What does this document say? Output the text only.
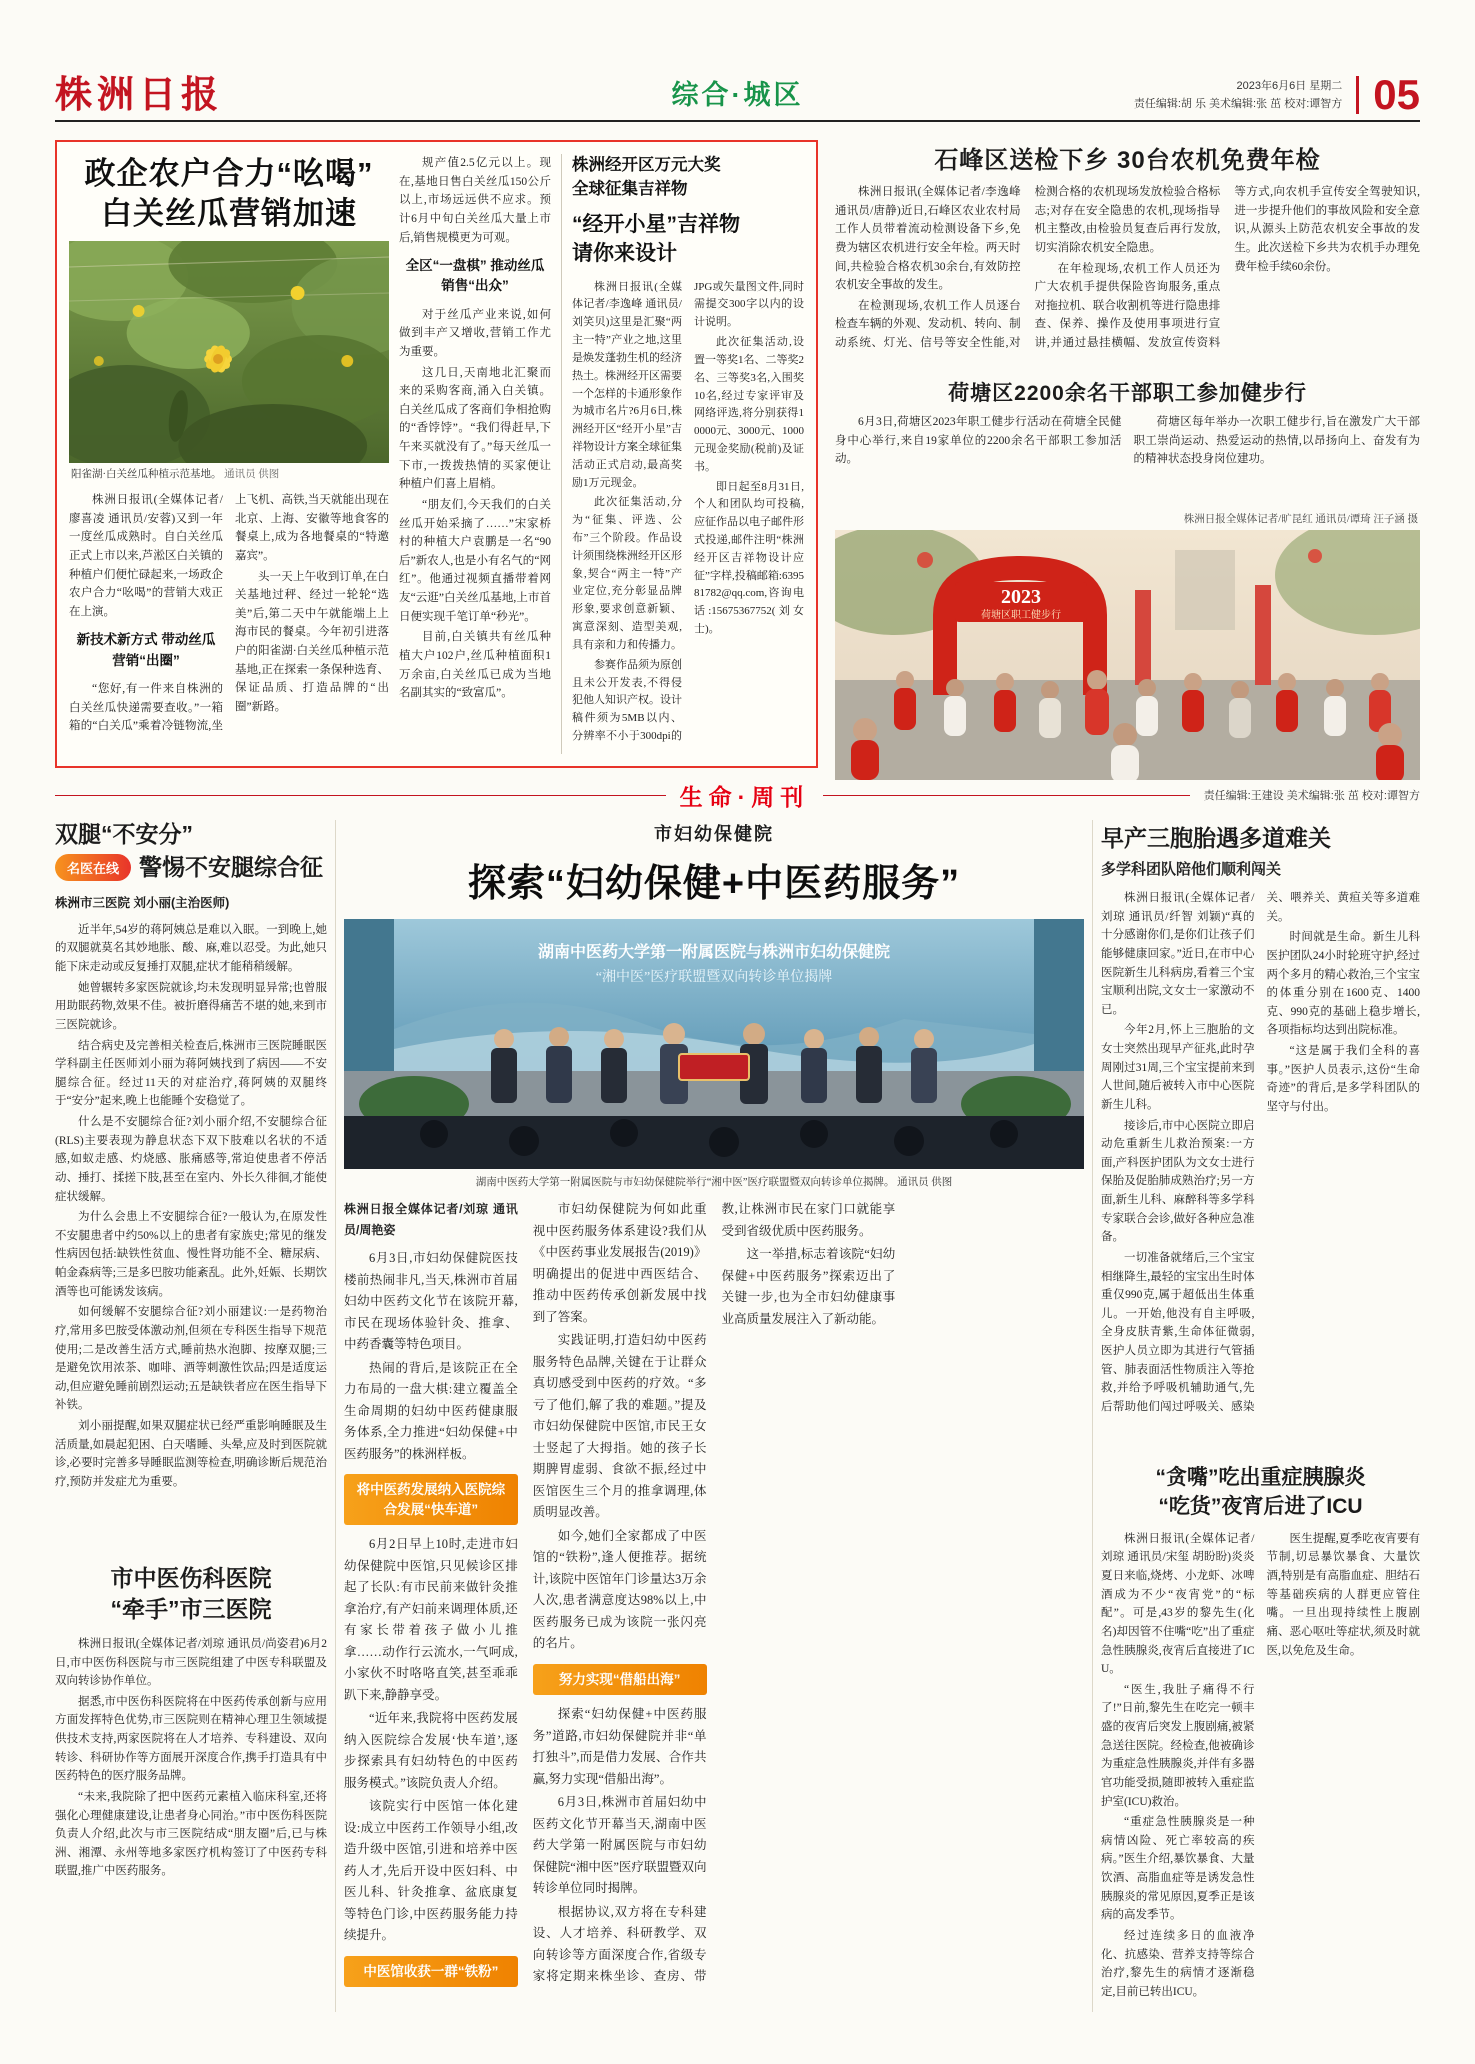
株洲日报	综合·城区	2023年6月6日 星期二
责任编辑:胡 乐 美术编辑:张 茁 校对:谭智方 05
政企农户合力“吆喝”
白关丝瓜营销加速
阳雀湖·白关丝瓜种植示范基地。 通讯员 供图

株洲日报讯(全媒体记者/廖喜凌 通讯员/安蓉)又到一年一度丝瓜成熟时。自白关丝瓜正式上市以来,芦淞区白关镇的种植户们便忙碌起来,一场政企农户合力“吆喝”的营销大戏正在上演。

新技术新方式 带动丝瓜营销“出圈”

“您好,有一件来自株洲的白关丝瓜快递需要查收。”一箱箱的“白关瓜”乘着冷链物流,坐上飞机、高铁,当天就能出现在北京、上海、安徽等地食客的餐桌上,成为各地餐桌的“特邀嘉宾”。

头一天上午收到订单,在白关基地过秤、经过一轮轮“选美”后,第二天中午就能端上上海市民的餐桌。今年初引进落户的阳雀湖·白关丝瓜种植示范基地,正在探索一条保种选育、保证品质、打造品牌的“出圈”新路。

规产值2.5亿元以上。现在,基地日售白关丝瓜150公斤以上,市场远远供不应求。预计6月中旬白关丝瓜大量上市后,销售规模更为可观。

全区“一盘棋” 推动丝瓜销售“出众”

对于丝瓜产业来说,如何做到丰产又增收,营销工作尤为重要。

这几日,天南地北汇聚而来的采购客商,涌入白关镇。白关丝瓜成了客商们争相抢购的“香饽饽”。“我们得赶早,下午来买就没有了。”每天丝瓜一下市,一拨拨热情的买家便让种植户们喜上眉梢。

“朋友们,今天我们的白关丝瓜开始采摘了……”宋家桥村的种植大户袁鹏是一名“90后”新农人,也是小有名气的“网红”。他通过视频直播带着网友“云逛”白关丝瓜基地,上市首日便实现千笔订单“秒光”。

目前,白关镇共有丝瓜种植大户102户,丝瓜种植面积1万余亩,白关丝瓜已成为当地名副其实的“致富瓜”。

株洲经开区万元大奖
全球征集吉祥物
“经开小星”吉祥物
请你来设计

株洲日报讯(全媒体记者/李逸峰 通讯员/刘笑贝)这里是汇聚“两主一特”产业之地,这里是焕发蓬勃生机的经济热土。株洲经开区需要一个怎样的卡通形象作为城市名片?6月6日,株洲经开区“经开小星”吉祥物设计方案全球征集活动正式启动,最高奖励1万元现金。

此次征集活动,分为“征集、评选、公布”三个阶段。作品设计须围绕株洲经开区形象,契合“两主一特”产业定位,充分彰显品牌形象,要求创意新颖、寓意深刻、造型美观,具有亲和力和传播力。

参赛作品须为原创且未公开发表,不得侵犯他人知识产权。设计稿件须为5MB以内、分辨率不小于300dpi的JPG或矢量图文件,同时需提交300字以内的设计说明。

此次征集活动,设置一等奖1名、二等奖2名、三等奖3名,入围奖10名,经过专家评审及网络评选,将分别获得10000元、3000元、1000元现金奖励(税前)及证书。

即日起至8月31日,个人和团队均可投稿,应征作品以电子邮件形式投递,邮件注明“株洲经开区吉祥物设计应征”字样,投稿邮箱:639581782@qq.com,咨询电话:15675367752(刘女士)。

石峰区送检下乡 30台农机免费年检

株洲日报讯(全媒体记者/李逸峰 通讯员/唐静)近日,石峰区农业农村局工作人员带着流动检测设备下乡,免费为辖区农机进行安全年检。两天时间,共检验合格农机30余台,有效防控农机安全事故的发生。

在检测现场,农机工作人员逐台检查车辆的外观、发动机、转向、制动系统、灯光、信号等安全性能,对检测合格的农机现场发放检验合格标志;对存在安全隐患的农机,现场指导机主整改,由检验员复查后再行发放,切实消除农机安全隐患。

在年检现场,农机工作人员还为广大农机手提供保险咨询服务,重点对拖拉机、联合收割机等进行隐患排查、保养、操作及使用事项进行宣讲,并通过悬挂横幅、发放宣传资料等方式,向农机手宣传安全驾驶知识,进一步提升他们的事故风险和安全意识,从源头上防范农机安全事故的发生。此次送检下乡共为农机手办理免费年检手续60余份。

荷塘区2200余名干部职工参加健步行

6月3日,荷塘区2023年职工健步行活动在荷塘全民健身中心举行,来自19家单位的2200余名干部职工参加活动。

荷塘区每年举办一次职工健步行,旨在激发广大干部职工崇尚运动、热爱运动的热情,以昂扬向上、奋发有为的精神状态投身岗位建功。

株洲日报全媒体记者/旷昆红 通讯员/谭琦 汪子涵 摄
2023
荷塘区职工健步行
生命·周刊	责任编辑:王建设 美术编辑:张 茁 校对:谭智方
双腿“不安分”
名医在线 警惕不安腿综合征
株洲市三医院 刘小丽(主治医师)

近半年,54岁的蒋阿姨总是难以入眠。一到晚上,她的双腿就莫名其妙地胀、酸、麻,难以忍受。为此,她只能下床走动或反复捶打双腿,症状才能稍稍缓解。

她曾辗转多家医院就诊,均未发现明显异常;也曾服用助眠药物,效果不佳。被折磨得痛苦不堪的她,来到市三医院就诊。

结合病史及完善相关检查后,株洲市三医院睡眠医学科副主任医师刘小丽为蒋阿姨找到了病因——不安腿综合征。经过11天的对症治疗,蒋阿姨的双腿终于“安分”起来,晚上也能睡个安稳觉了。

什么是不安腿综合征?刘小丽介绍,不安腿综合征(RLS)主要表现为静息状态下双下肢难以名状的不适感,如蚁走感、灼烧感、胀痛感等,常迫使患者不停活动、捶打、揉搓下肢,甚至在室内、外长久徘徊,才能使症状缓解。

为什么会患上不安腿综合征?一般认为,在原发性不安腿患者中约50%以上的患者有家族史;常见的继发性病因包括:缺铁性贫血、慢性肾功能不全、糖尿病、帕金森病等;三是多巴胺功能紊乱。此外,妊娠、长期饮酒等也可能诱发该病。

如何缓解不安腿综合征?刘小丽建议:一是药物治疗,常用多巴胺受体激动剂,但须在专科医生指导下规范使用;二是改善生活方式,睡前热水泡脚、按摩双腿;三是避免饮用浓茶、咖啡、酒等刺激性饮品;四是适度运动,但应避免睡前剧烈运动;五是缺铁者应在医生指导下补铁。

刘小丽提醒,如果双腿症状已经严重影响睡眠及生活质量,如晨起犯困、白天嗜睡、头晕,应及时到医院就诊,必要时完善多导睡眠监测等检查,明确诊断后规范治疗,预防并发症尤为重要。

市中医伤科医院
“牵手”市三医院

株洲日报讯(全媒体记者/刘琼 通讯员/尚姿君)6月2日,市中医伤科医院与市三医院组建了中医专科联盟及双向转诊协作单位。

据悉,市中医伤科医院将在中医药传承创新与应用方面发挥特色优势,市三医院则在精神心理卫生领域提供技术支持,两家医院将在人才培养、专科建设、双向转诊、科研协作等方面展开深度合作,携手打造具有中医药特色的医疗服务品牌。

“未来,我院除了把中医药元素植入临床科室,还将强化心理健康建设,让患者身心同治。”市中医伤科医院负责人介绍,此次与市三医院结成“朋友圈”后,已与株洲、湘潭、永州等地多家医疗机构签订了中医药专科联盟,推广中医药服务。

市妇幼保健院
探索“妇幼保健+中医药服务”
湖南中医药大学第一附属医院与株洲市妇幼保健院
“湘中医”医疗联盟暨双向转诊单位揭牌
湖南中医药大学第一附属医院与市妇幼保健院举行“湘中医”医疗联盟暨双向转诊单位揭牌。 通讯员 供图
株洲日报全媒体记者/刘琼 通讯员/周艳姿

6月3日,市妇幼保健院医技楼前热闹非凡,当天,株洲市首届妇幼中医药文化节在该院开幕,市民在现场体验针灸、推拿、中药香囊等特色项目。

热闹的背后,是该院正在全力布局的一盘大棋:建立覆盖全生命周期的妇幼中医药健康服务体系,全力推进“妇幼保健+中医药服务”的株洲样板。

将中医药发展纳入医院综合发展“快车道”

6月2日早上10时,走进市妇幼保健院中医馆,只见候诊区排起了长队:有市民前来做针灸推拿治疗,有产妇前来调理体质,还有家长带着孩子做小儿推拿……动作行云流水,一气呵成,小家伙不时咯咯直笑,甚至乖乖趴下来,静静享受。

“近年来,我院将中医药发展纳入医院综合发展‘快车道’,逐步探索具有妇幼特色的中医药服务模式。”该院负责人介绍。

该院实行中医馆一体化建设:成立中医药工作领导小组,改造升级中医馆,引进和培养中医药人才,先后开设中医妇科、中医儿科、针灸推拿、盆底康复等特色门诊,中医药服务能力持续提升。

中医馆收获一群“铁粉”

市妇幼保健院为何如此重视中医药服务体系建设?我们从《中医药事业发展报告(2019)》明确提出的促进中西医结合、推动中医药传承创新发展中找到了答案。

实践证明,打造妇幼中医药服务特色品牌,关键在于让群众真切感受到中医药的疗效。“多亏了他们,解了我的难题。”提及市妇幼保健院中医馆,市民王女士竖起了大拇指。她的孩子长期脾胃虚弱、食欲不振,经过中医馆医生三个月的推拿调理,体质明显改善。

如今,她们全家都成了中医馆的“铁粉”,逢人便推荐。据统计,该院中医馆年门诊量达3万余人次,患者满意度达98%以上,中医药服务已成为该院一张闪亮的名片。

努力实现“借船出海”

探索“妇幼保健+中医药服务”道路,市妇幼保健院并非“单打独斗”,而是借力发展、合作共赢,努力实现“借船出海”。

6月3日,株洲市首届妇幼中医药文化节开幕当天,湖南中医药大学第一附属医院与市妇幼保健院“湘中医”医疗联盟暨双向转诊单位同时揭牌。

根据协议,双方将在专科建设、人才培养、科研教学、双向转诊等方面深度合作,省级专家将定期来株坐诊、查房、带教,让株洲市民在家门口就能享受到省级优质中医药服务。

这一举措,标志着该院“妇幼保健+中医药服务”探索迈出了关键一步,也为全市妇幼健康事业高质量发展注入了新动能。

早产三胞胎遇多道难关
多学科团队陪他们顺利闯关

株洲日报讯(全媒体记者/刘琼 通讯员/纤智 刘颖)“真的十分感谢你们,是你们让孩子们能够健康回家。”近日,在市中心医院新生儿科病房,看着三个宝宝顺利出院,文女士一家激动不已。

今年2月,怀上三胞胎的文女士突然出现早产征兆,此时孕周刚过31周,三个宝宝提前来到人世间,随后被转入市中心医院新生儿科。

接诊后,市中心医院立即启动危重新生儿救治预案:一方面,产科医护团队为文女士进行保胎及促胎肺成熟治疗;另一方面,新生儿科、麻醉科等多学科专家联合会诊,做好各种应急准备。

一切准备就绪后,三个宝宝相继降生,最轻的宝宝出生时体重仅990克,属于超低出生体重儿。一开始,他没有自主呼吸,全身皮肤青紫,生命体征微弱,医护人员立即为其进行气管插管、肺表面活性物质注入等抢救,并给予呼吸机辅助通气,先后帮助他们闯过呼吸关、感染关、喂养关、黄疸关等多道难关。

时间就是生命。新生儿科医护团队24小时轮班守护,经过两个多月的精心救治,三个宝宝的体重分别在1600克、1400克、990克的基础上稳步增长,各项指标均达到出院标准。

“这是属于我们全科的喜事。”医护人员表示,这份“生命奇迹”的背后,是多学科团队的坚守与付出。

“贪嘴”吃出重症胰腺炎
“吃货”夜宵后进了ICU

株洲日报讯(全媒体记者/刘琼 通讯员/宋玺 胡盼盼)炎炎夏日来临,烧烤、小龙虾、冰啤酒成为不少“夜宵党”的“标配”。可是,43岁的黎先生(化名)却因管不住嘴“吃”出了重症急性胰腺炎,夜宵后直接进了ICU。

“医生,我肚子痛得不行了!”日前,黎先生在吃完一顿丰盛的夜宵后突发上腹剧痛,被紧急送往医院。经检查,他被确诊为重症急性胰腺炎,并伴有多器官功能受损,随即被转入重症监护室(ICU)救治。

“重症急性胰腺炎是一种病情凶险、死亡率较高的疾病。”医生介绍,暴饮暴食、大量饮酒、高脂血症等是诱发急性胰腺炎的常见原因,夏季正是该病的高发季节。

经过连续多日的血液净化、抗感染、营养支持等综合治疗,黎先生的病情才逐渐稳定,目前已转出ICU。

医生提醒,夏季吃夜宵要有节制,切忌暴饮暴食、大量饮酒,特别是有高脂血症、胆结石等基础疾病的人群更应管住嘴。一旦出现持续性上腹剧痛、恶心呕吐等症状,须及时就医,以免危及生命。
